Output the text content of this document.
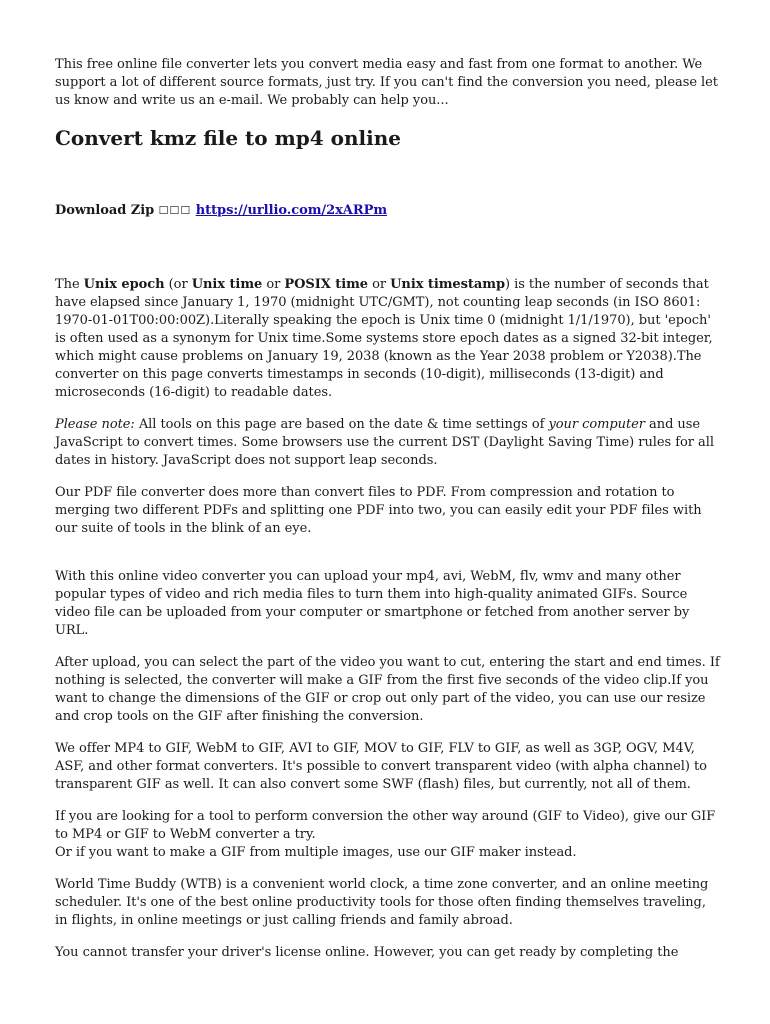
This free online file converter lets you convert media easy and fast from one format to another. We support a lot of different source formats, just try. If you can't find the conversion you need, please let us know and write us an e-mail. We probably can help you...

Convert kmz file to mp4 online

Download Zip ☐☐☐ https://urllio.com/2xARPm

The Unix epoch (or Unix time or POSIX time or Unix timestamp) is the number of seconds that have elapsed since January 1, 1970 (midnight UTC/GMT), not counting leap seconds (in ISO 8601: 1970-01-01T00:00:00Z).Literally speaking the epoch is Unix time 0 (midnight 1/1/1970), but 'epoch' is often used as a synonym for Unix time.Some systems store epoch dates as a signed 32-bit integer, which might cause problems on January 19, 2038 (known as the Year 2038 problem or Y2038).The converter on this page converts timestamps in seconds (10-digit), milliseconds (13-digit) and microseconds (16-digit) to readable dates.

Please note: All tools on this page are based on the date & time settings of your computer and use JavaScript to convert times. Some browsers use the current DST (Daylight Saving Time) rules for all dates in history. JavaScript does not support leap seconds.

Our PDF file converter does more than convert files to PDF. From compression and rotation to merging two different PDFs and splitting one PDF into two, you can easily edit your PDF files with our suite of tools in the blink of an eye.

With this online video converter you can upload your mp4, avi, WebM, flv, wmv and many other popular types of video and rich media files to turn them into high-quality animated GIFs. Source video file can be uploaded from your computer or smartphone or fetched from another server by URL.

After upload, you can select the part of the video you want to cut, entering the start and end times. If nothing is selected, the converter will make a GIF from the first five seconds of the video clip.If you want to change the dimensions of the GIF or crop out only part of the video, you can use our resize and crop tools on the GIF after finishing the conversion.

We offer MP4 to GIF, WebM to GIF, AVI to GIF, MOV to GIF, FLV to GIF, as well as 3GP, OGV, M4V, ASF, and other format converters. It's possible to convert transparent video (with alpha channel) to transparent GIF as well. It can also convert some SWF (flash) files, but currently, not all of them.

If you are looking for a tool to perform conversion the other way around (GIF to Video), give our GIF to MP4 or GIF to WebM converter a try.
Or if you want to make a GIF from multiple images, use our GIF maker instead.

World Time Buddy (WTB) is a convenient world clock, a time zone converter, and an online meeting scheduler. It's one of the best online productivity tools for those often finding themselves traveling, in flights, in online meetings or just calling friends and family abroad.

You cannot transfer your driver's license online. However, you can get ready by completing the
